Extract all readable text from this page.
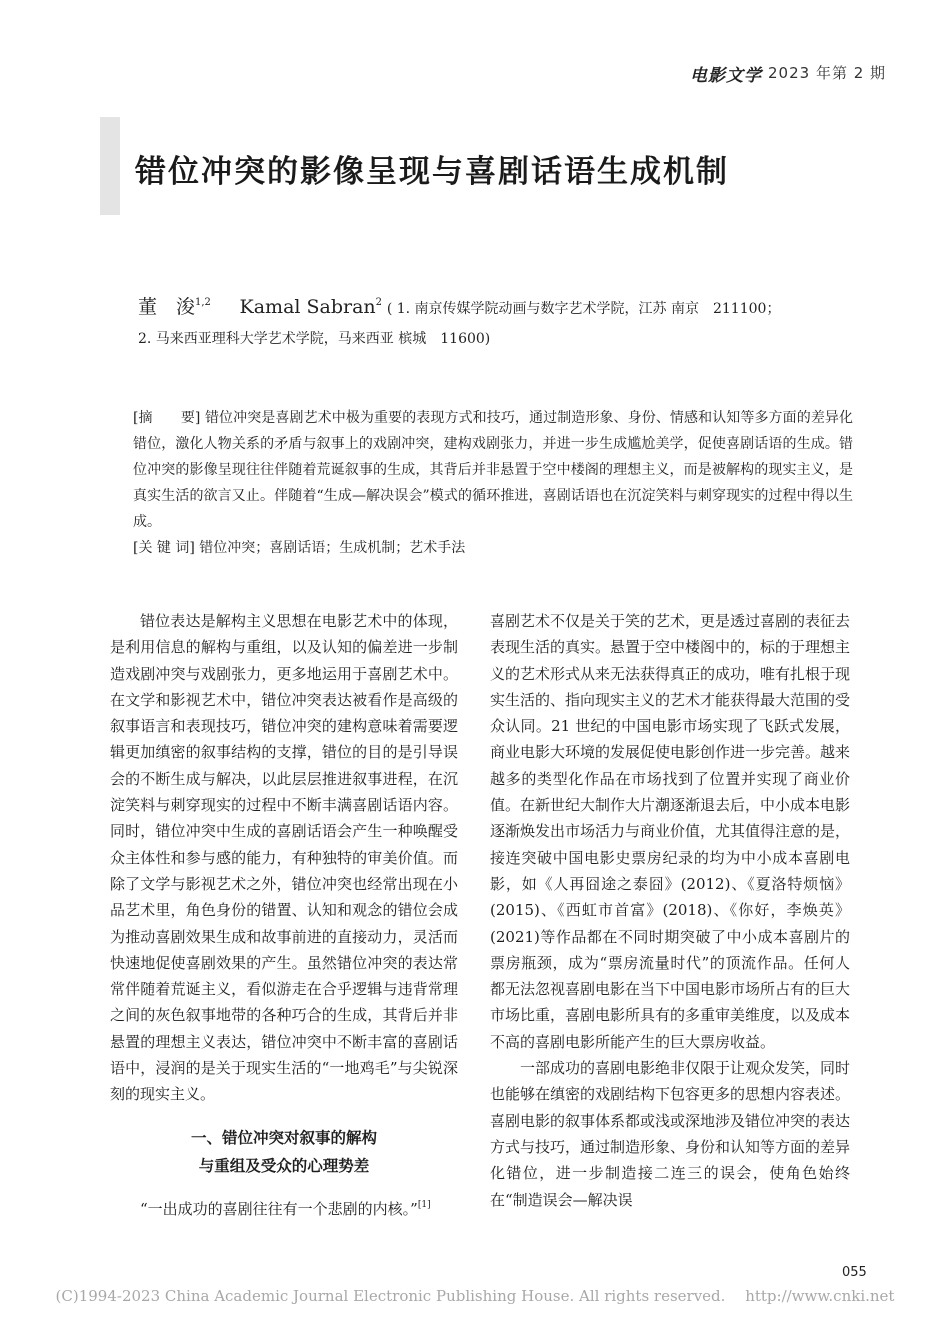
电影文学 2023 年第 2 期
错位冲突的影像呈现与喜剧话语生成机制
董　浚$^{1,2}$ Kamal Sabran$^2$ ( 1. 南京传媒学院动画与数字艺术学院，江苏 南京　211100；
2. 马来西亚理科大学艺术学院，马来西亚 槟城　11600)
[摘　　要] 错位冲突是喜剧艺术中极为重要的表现方式和技巧，通过制造形象、身份、情感和认知等多方面的差异化错位，激化人物关系的矛盾与叙事上的戏剧冲突，建构戏剧张力，并进一步生成尴尬美学，促使喜剧话语的生成。错位冲突的影像呈现往往伴随着荒诞叙事的生成，其背后并非悬置于空中楼阁的理想主义，而是被解构的现实主义，是真实生活的欲言又止。伴随着“生成—解决误会”模式的循环推进，喜剧话语也在沉淀笑料与刺穿现实的过程中得以生成。
[关 键 词] 错位冲突；喜剧话语；生成机制；艺术手法

错位表达是解构主义思想在电影艺术中的体现，是利用信息的解构与重组，以及认知的偏差进一步制造戏剧冲突与戏剧张力，更多地运用于喜剧艺术中。在文学和影视艺术中，错位冲突表达被看作是高级的叙事语言和表现技巧，错位冲突的建构意味着需要逻辑更加缜密的叙事结构的支撑，错位的目的是引导误会的不断生成与解决，以此层层推进叙事进程，在沉淀笑料与刺穿现实的过程中不断丰满喜剧话语内容。同时，错位冲突中生成的喜剧话语会产生一种唤醒受众主体性和参与感的能力，有种独特的审美价值。而除了文学与影视艺术之外，错位冲突也经常出现在小品艺术里，角色身份的错置、认知和观念的错位会成为推动喜剧效果生成和故事前进的直接动力，灵活而快速地促使喜剧效果的产生。虽然错位冲突的表达常常伴随着荒诞主义，看似游走在合乎逻辑与违背常理之间的灰色叙事地带的各种巧合的生成，其背后并非悬置的理想主义表达，错位冲突中不断丰富的喜剧话语中，浸润的是关于现实生活的“一地鸡毛”与尖锐深刻的现实主义。

一、错位冲突对叙事的解构
与重组及受众的心理势差

“一出成功的喜剧往往有一个悲剧的内核。”[1]

喜剧艺术不仅是关于笑的艺术，更是透过喜剧的表征去表现生活的真实。悬置于空中楼阁中的，标的于理想主义的艺术形式从来无法获得真正的成功，唯有扎根于现实生活的、指向现实主义的艺术才能获得最大范围的受众认同。21 世纪的中国电影市场实现了飞跃式发展，商业电影大环境的发展促使电影创作进一步完善。越来越多的类型化作品在市场找到了位置并实现了商业价值。在新世纪大制作大片潮逐渐退去后，中小成本电影逐渐焕发出市场活力与商业价值，尤其值得注意的是，接连突破中国电影史票房纪录的均为中小成本喜剧电影，如《人再囧途之泰囧》(2012)、《夏洛特烦恼》(2015)、《西虹市首富》(2018)、《你好，李焕英》(2021)等作品都在不同时期突破了中小成本喜剧片的票房瓶颈，成为“票房流量时代”的顶流作品。任何人都无法忽视喜剧电影在当下中国电影市场所占有的巨大市场比重，喜剧电影所具有的多重审美维度，以及成本不高的喜剧电影所能产生的巨大票房收益。

一部成功的喜剧电影绝非仅限于让观众发笑，同时也能够在缜密的戏剧结构下包容更多的思想内容表述。喜剧电影的叙事体系都或浅或深地涉及错位冲突的表达方式与技巧，通过制造形象、身份和认知等方面的差异化错位，进一步制造接二连三的误会，使角色始终在“制造误会—解决误

055
(C)1994-2023 China Academic Journal Electronic Publishing House. All rights reserved.　 http://www.cnki.net
